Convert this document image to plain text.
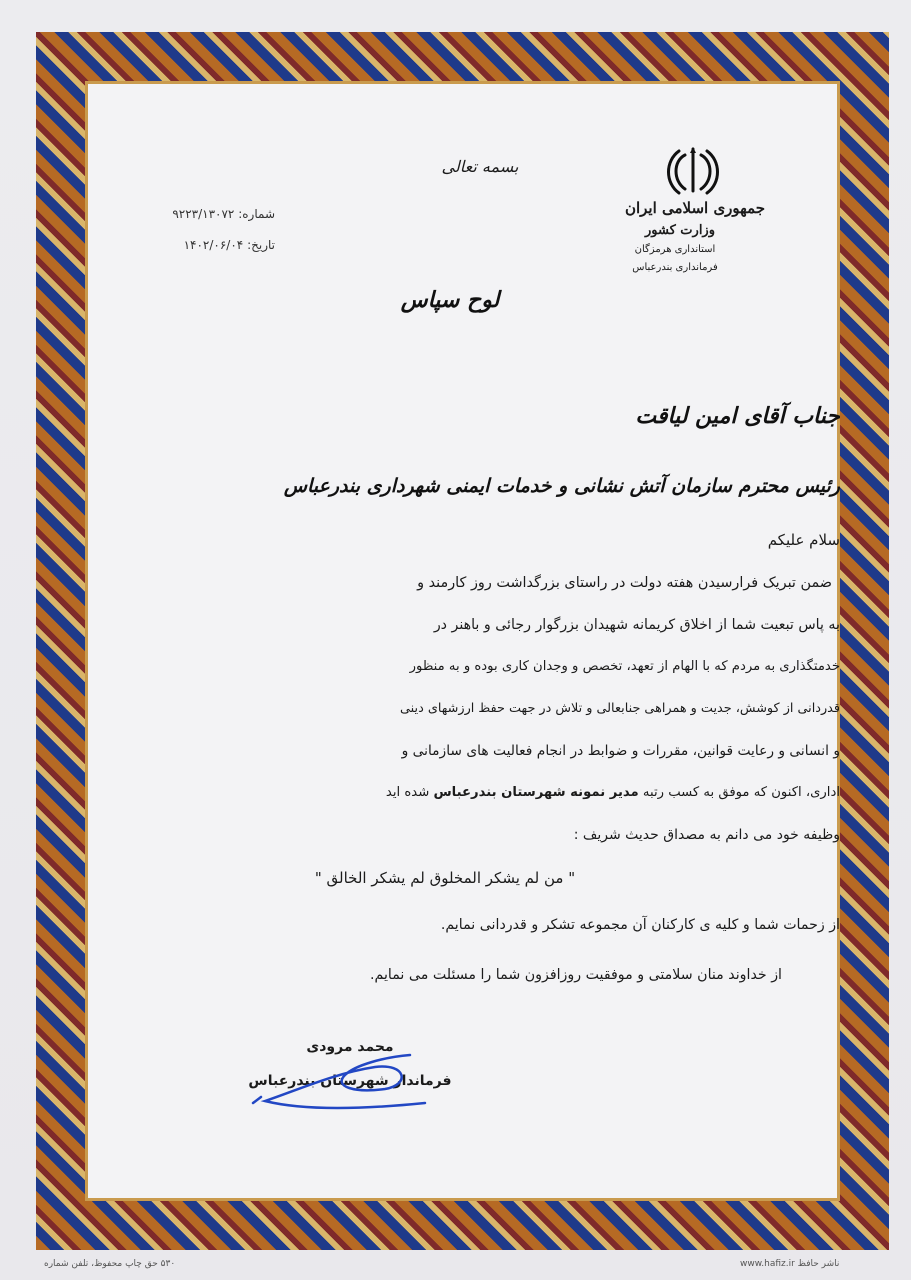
بسمه تعالی
جمهوری اسلامی ایران
وزارت کشور
استانداری هرمزگان
فرمانداری بندرعباس
شماره: ۹۲۲۳/۱۳۰۷۲
تاریخ: ۱۴۰۲/۰۶/۰۴
لوح سپاس
جناب آقای امین لیاقت
رئیس محترم سازمان آتش نشانی و خدمات ایمنی شهرداری بندرعباس
سلام علیکم
ضمن تبریک فرارسیدن هفته دولت در راستای بزرگداشت روز کارمند و
به پاس تبعیت شما از اخلاق کریمانه شهیدان بزرگوار رجائی و باهنر در
خدمتگذاری به مردم که با الهام از تعهد، تخصص و وجدان کاری بوده و به منظور
قدردانی از کوشش، جدیت و همراهی جنابعالی و تلاش در جهت حفظ ارزشهای دینی
و انسانی و رعایت قوانین، مقررات و ضوابط در انجام فعالیت های سازمانی و
اداری، اکنون که موفق به کسب رتبه مدیر نمونه شهرستان بندرعباس شده اید
وظیفه خود می دانم به مصداق حدیث شریف :
" من لم یشکر المخلوق لم یشکر الخالق "
از زحمات شما و کلیه ی کارکنان آن مجموعه تشکر و قدردانی نمایم.
از خداوند منان سلامتی و موفقیت روزافزون شما را مسئلت می نمایم.
محمد مرودی
فرماندار شهرستان بندرعباس
۵۳۰ حق چاپ محفوظ، تلفن شماره	www.hafiz.ir ناشر حافظ
